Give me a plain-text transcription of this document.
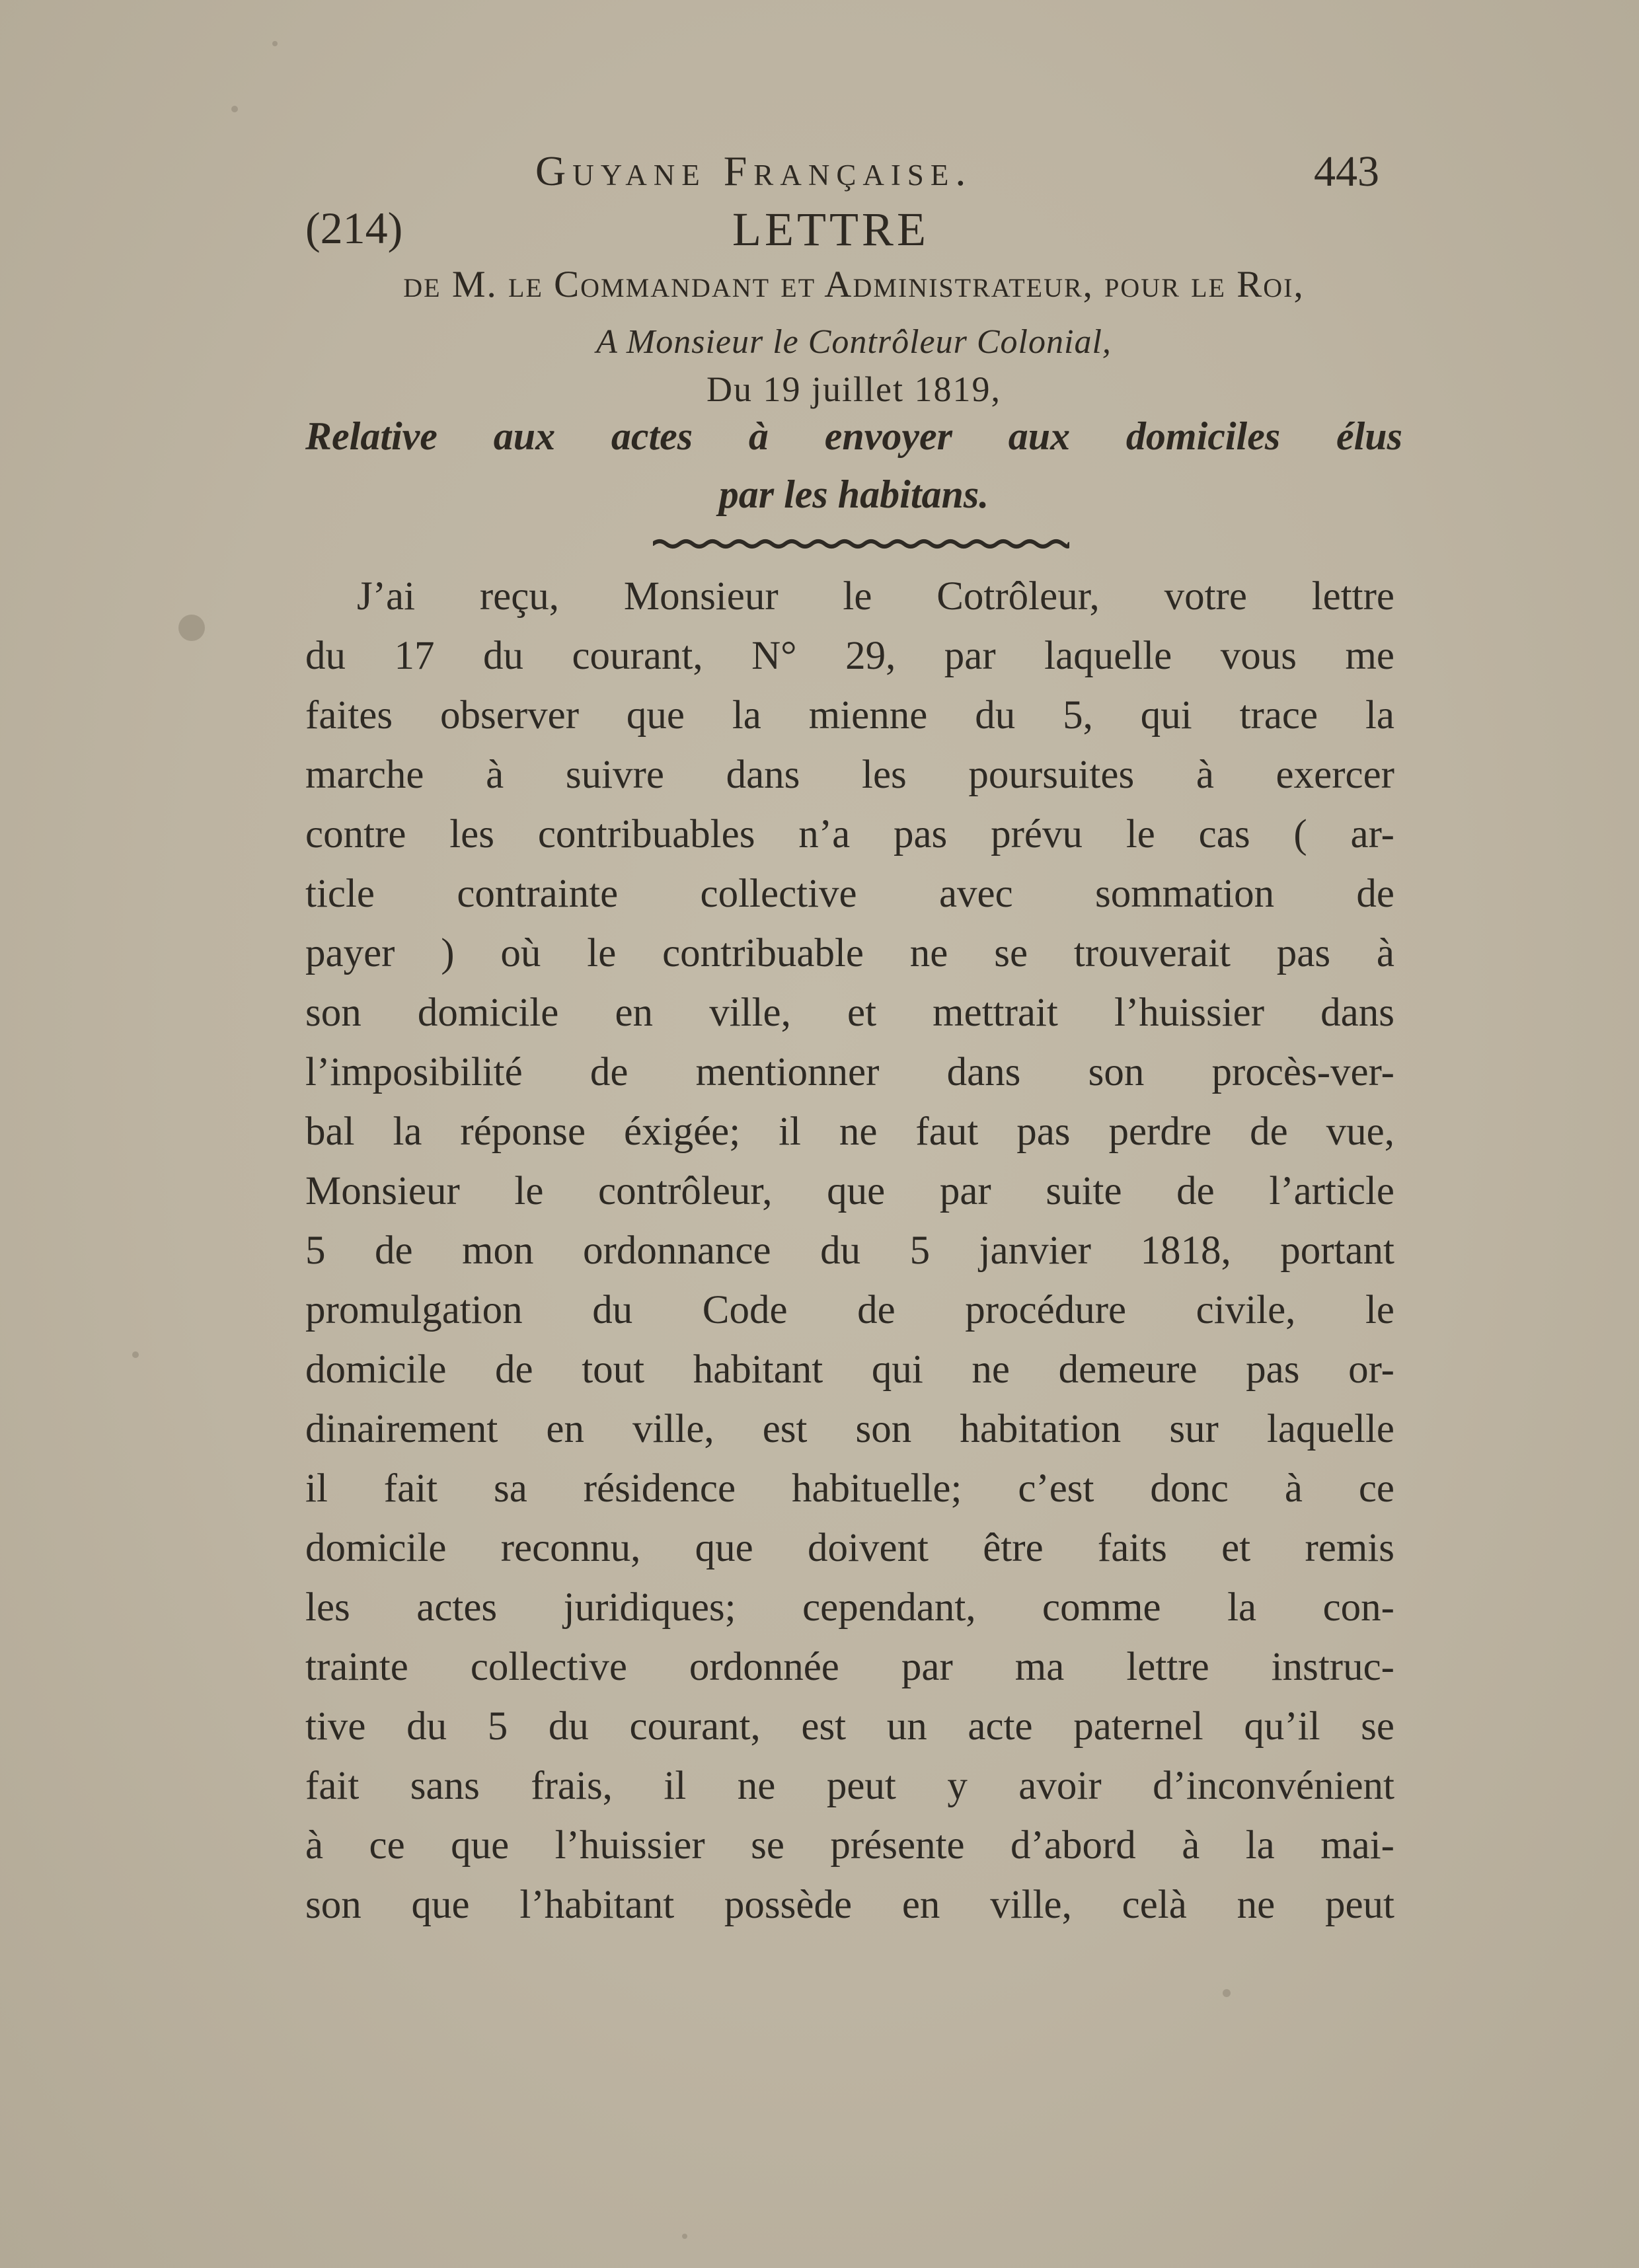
Guyane Française.	443
(214)	LETTRE
de M. le Commandant et Administrateur, pour le Roi,
A Monsieur le Contrôleur Colonial,
Du 19 juillet 1819,
Relative aux actes à envoyer aux domiciles élus
par les habitans.
J’ai reçu, Monsieur le Cotrôleur, votre lettre
du 17 du courant, N° 29, par laquelle vous me
faites observer que la mienne du 5, qui trace la
marche à suivre dans les poursuites à exercer
contre les contribuables n’a pas prévu le cas ( ar-
ticle contrainte collective avec sommation de
payer ) où le contribuable ne se trouverait pas à
son domicile en ville, et mettrait l’huissier dans
l’imposibilité de mentionner dans son procès-ver-
bal la réponse éxigée; il ne faut pas perdre de vue,
Monsieur le contrôleur, que par suite de l’article
5 de mon ordonnance du 5 janvier 1818, portant
promulgation du Code de procédure civile, le
domicile de tout habitant qui ne demeure pas or-
dinairement en ville, est son habitation sur laquelle
il fait sa résidence habituelle; c’est donc à ce
domicile reconnu, que doivent être faits et remis
les actes juridiques; cependant, comme la con-
trainte collective ordonnée par ma lettre instruc-
tive du 5 du courant, est un acte paternel qu’il se
fait sans frais, il ne peut y avoir d’inconvénient
à ce que l’huissier se présente d’abord à la mai-
son que l’habitant possède en ville, celà ne peut
